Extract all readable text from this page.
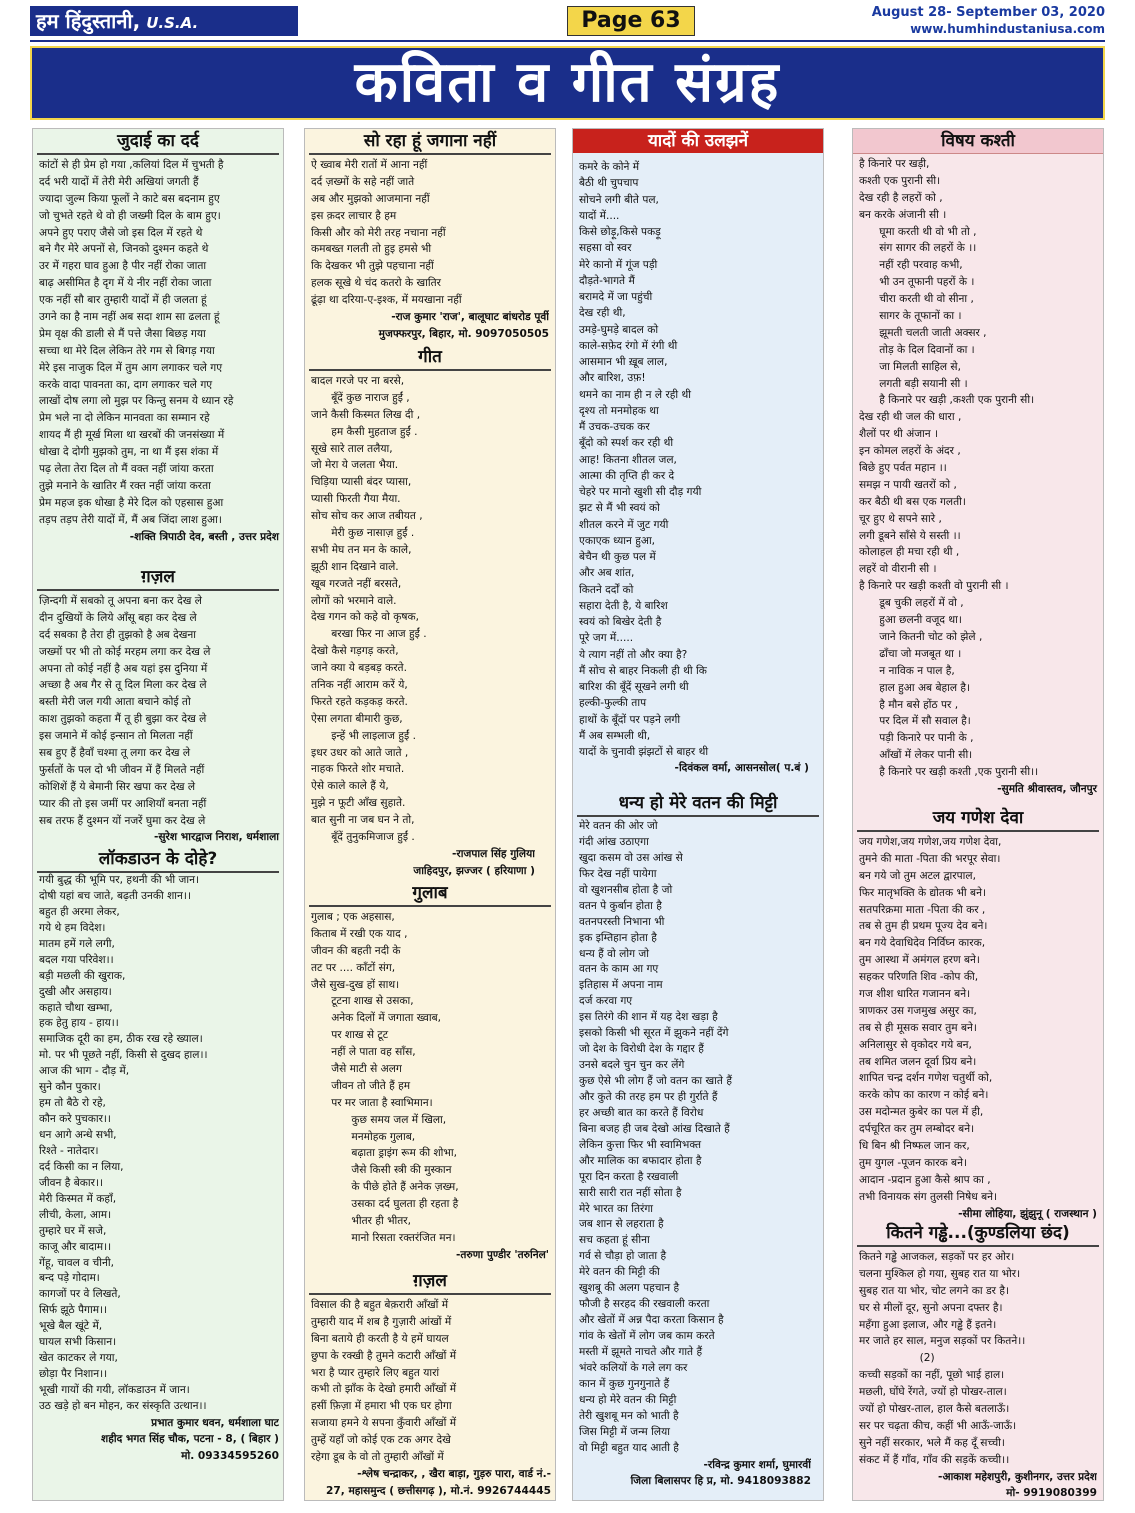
हम हिंदुस्तानी, U.S.A.	Page 63	August 28- September 03, 2020
www.humhindustaniusa.com
कविता व गीत संग्रह
जुदाई का दर्द
कांटों से ही प्रेम हो गया ,कलियां दिल में चुभती है
दर्द भरी यादों में तेरी मेरी अखियां जगती हैं
ज्यादा जुल्म किया फूलों ने काटे बस बदनाम हुए
जो चुभते रहते थे वो ही जख्मी दिल के बाम हुए।
अपने हुए पराए जैसे जो इस दिल में रहते थे
बने गैर मेरे अपनों से, जिनको दुश्मन कहते थे
उर में गहरा घाव हुआ है पीर नहीं रोका जाता
बाढ़ असीमित है दृग में ये नीर नहीं रोका जाता
एक नहीं सौ बार तुम्हारी यादों में ही जलता हूं
उगने का है नाम नहीं अब सदा शाम सा ढलता हूं
प्रेम वृक्ष की डाली से मैं पत्ते जैसा बिछड़ गया
सच्चा था मेरे दिल लेकिन तेरे गम से बिगड़ गया
मेरे इस नाजुक दिल में तुम आग लगाकर चले गए
करके वादा पावनता का, दाग लगाकर चले गए
लाखों दोष लगा लो मुझ पर किन्तु सनम ये ध्यान रहे
प्रेम भले ना दो लेकिन मानवता का सम्मान रहे
शायद मैं ही मूर्ख मिला था खरबों की जनसंख्या में
धोखा दे दोगी मुझको तुम, ना था मैं इस शंका में
पढ़ लेता तेरा दिल तो मैं वक्त नहीं जांया करता
तुझे मनाने के खातिर मैं रक्त नहीं जांया करता
प्रेम महज इक धोखा है मेरे दिल को एहसास हुआ
तड़प तड़प तेरी यादों में, मैं अब जिंदा लाश हुआ।
-शक्ति त्रिपाठी देव, बस्ती , उत्तर प्रदेश
ग़ज़ल
ज़िन्दगी में सबको तू अपना बना कर देख ले
दीन दुखियों के लिये आँसू बहा कर देख ले
दर्द सबका है तेरा ही तुझको है अब देखना
जख्मों पर भी तो कोई मरहम लगा कर देख ले
अपना तो कोई नहीं है अब यहां इस दुनिया में
अच्छा है अब गैर से तू दिल मिला कर देख ले
बस्ती मेरी जल गयी आता बचाने कोई तो
काश तुझको कहता मैं तू ही बुझा कर देख ले
इस जमाने में कोई इन्सान तो मिलता नहीं
सब हुए हैं हैवाँ चश्मा तू लगा कर देख ले
फुर्सतों के पल दो भी जीवन में हैं मिलते नहीं
कोशिशें हैं ये बेमानी सिर खपा कर देख ले
प्यार की तो इस जमीं पर आशियाँ बनता नहीं
सब तरफ हैं दुश्मन यों नजरें घुमा कर देख ले
-सुरेश भारद्वाज निराश, धर्मशाला
लॉकडाउन के दोहे?
गयी बुद्ध की भूमि पर, हथनी की भी जान।
दोषी यहां बच जाते, बढ़ती उनकी शान।।
बहुत ही अरमा लेकर,
गये थे हम विदेश।
मातम हमें गले लगी,
बदल गया परिवेश।।
बड़ी मछली की खुराक,
दुखी और असहाय।
कहाते चौथा खम्भा,
हक हेतु हाय - हाय।।
समाजिक दूरी का हम, ठीक रख रहे ख्याल।
मो. पर भी पूछते नहीं, किसी से दुखद हाल।।
आज की भाग - दौड़ में,
सुने कौन पुकार।
हम तो बैठे रो रहे,
कौन करे पुचकार।।
धन आगे अन्धे सभी,
रिश्ते - नातेदार।
दर्द किसी का न लिया,
जीवन है बेकार।।
मेरी किस्मत में कहाँ,
लीची, केला, आम।
तुम्हारे घर में सजे,
काजू और बादाम।।
गेंहू, चावल व चीनी,
बन्द पड़े गोदाम।
कागजों पर वे लिखते,
सिर्फ झूठे पैगाम।।
भूखे बैल खूंटे में,
घायल सभी किसान।
खेत काटकर ले गया,
छोड़ा पैर निशान।।
भूखी गायों की गयी, लॉकडाउन में जान।
उठ खड़े हो बन मोहन, कर संस्कृति उत्थान।।
प्रभात कुमार धवन, धर्मशाला घाट
शहीद भगत सिंह चौक, पटना - 8, ( बिहार )
मो. 09334595260
सो रहा हूं जगाना नहीं
ऐ ख्वाब मेरी रातों में आना नहीं
दर्द ज़ख्मों के सहे नहीं जाते
अब और मुझको आजमाना नहीं
इस क़दर लाचार है हम
किसी और को मेरी तरह नचाना नहीं
कमबख्त गलती तो हुइ हमसे भी
कि देखकर भी तुझे पहचाना नहीं
हलक सूखे थे चंद कतरो के खातिर
ढूंढ़ा था दरिया-ए-इश्क, में मयखाना नहीं
-राज कुमार 'राज', बालूघाट बांधरोड पूर्वी
मुजफ्फरपुर, बिहार, मो. 9097050505
गीत
बादल गरजे पर ना बरसे,
बूँदें कुछ नाराज हुईं ,
जाने कैसी किस्मत लिख दी ,
हम कैसी मुहताज हुईं .
सूखे सारे ताल तलैया,
जो मेरा ये जलता भैया.
चिड़िया प्यासी बंदर प्यासा,
प्यासी फिरती गैया मैया.
सोच सोच कर आज तबीयत ,
मेरी कुछ नासाज़ हुईं .
सभी मेघ तन मन के काले,
झूठी शान दिखाने वाले.
खूब गरजते नहीं बरसते,
लोगों को भरमाने वाले.
देख गगन को कहे वो कृषक,
बरखा फिर ना आज हुईं .
देखो कैसे गड़गड़ करते,
जाने क्या ये बड़बड़ करते.
तनिक नहीं आराम करें ये,
फिरते रहते कड़कड़ करते.
ऐसा लगता बीमारी कुछ,
इन्हें भी लाइलाज हुईं .
इधर उधर को आते जाते ,
नाहक फिरते शोर मचाते.
ऐसे काले काले हैं ये,
मुझे न फूटी आँख सुहाते.
बात सुनी ना जब घन ने तो,
बूँदें तुनुकमिजाज हुईं .
-राजपाल सिंह गुलिया
जाहिदपुर, झज्जर ( हरियाणा )
गुलाब
गुलाब ; एक अहसास,
किताब में रखी एक याद ,
जीवन की बहती नदी के
तट पर .... काँटों संग,
जैसे सुख-दुख हों साथ।
टूटना शाख से उसका,
अनेक दिलों में जगाता ख्वाब,
पर शाख से टूट
नहीं ले पाता वह साँस,
जैसे माटी से अलग
जीवन तो जीते हैं हम
पर मर जाता है स्वाभिमान।
कुछ समय जल में खिला,
मनमोहक गुलाब,
बढ़ाता ड्राइंग रूम की शोभा,
जैसे किसी स्त्री की मुस्कान
के पीछे होते हैं अनेक ज़ख्म,
उसका दर्द घुलता ही रहता है
भीतर ही भीतर,
मानो रिसता रक्तरंजित मन।
-तरुणा पुण्डीर 'तरुनिल'
ग़ज़ल
विसाल की है बहुत बेक़रारी आँखों में
तुम्हारी याद में शब है गुज़ारी आंखों में
बिना बताये ही करती है ये हमें घायल
छुपा के रक्खी है तुमने कटारी आँखों में
भरा है प्यार तुम्हारे लिए बहुत यारां
कभी तो झाँक के देखो हमारी आँखों में
हसीं फ़िज़ा में हमारा भी एक घर होगा
सजाया हमने ये सपना कुँवारी आँखों में
तुम्हें यहाँ जो कोई एक टक अगर देखे
रहेगा डूब के वो तो तुम्हारी आँखों में
-श्लेष चन्द्राकर, , खैरा बाड़ा, गुड़रु पारा, वार्ड नं.-
27, महासमुन्द ( छत्तीसगढ़ ), मो.नं. 9926744445
यादों की उलझनें
कमरे के कोने में
बैठी थी चुपचाप
सोचने लगी बीते पल,
यादों में....
किसे छोड़ू,किसे पकड़ू
सहसा वो स्वर
मेरे कानो में गूंज पड़ी
दौड़ते-भागते मैं
बरामदे में जा पहुंची
देख रही थी,
उमड़े-घुमड़े बादल को
काले-सफ़ेद रंगो में रंगी थी
आसमान भी ख़ूब लाल,
और बारिश, उफ़!
थमने का नाम ही न ले रही थी
दृश्य तो मनमोहक था
मैं उचक-उचक कर
बूँदो को स्पर्श कर रही थी
आह! कितना शीतल जल,
आत्मा की तृप्ति ही कर दे
चेहरे पर मानो खुशी सी दौड़ गयी
झट से मैं भी स्वयं को
शीतल करने में जुट गयी
एकाएक ध्यान हुआ,
बेचैन थी कुछ पल में
और अब शांत,
कितने दर्दों को
सहारा देती है, ये बारिश
स्वयं को बिखेर देती है
पूरे जग में.....
ये त्याग नहीं तो और क्या है?
मैं सोच से बाहर निकली ही थी कि
बारिश की बूँदें सूखने लगी थी
हल्की-फुल्की ताप
हाथों के बूँदों पर पड़ने लगी
मैं अब सम्भली थी,
यादों के चुनावी झंझटों से बाहर थी
-दिवंकल वर्मा, आसनसोल( प.बं )
धन्य हो मेरे वतन की मिट्टी
मेरे वतन की ओर जो
गंदी आंख उठाएगा
खुदा कसम वो उस आंख से
फिर देख नहीं पायेगा
वो खुशनसीब होता है जो
वतन पे कुर्बान होता है
वतनपरस्ती निभाना भी
इक इम्तिहान होता है
धन्य हैं वो लोग जो
वतन के काम आ गए
इतिहास में अपना नाम
दर्ज करवा गए
इस तिरंगे की शान में यह देश खड़ा है
इसको किसी भी सूरत में झुकने नहीं देंगे
जो देश के विरोधी देश के गद्दार हैं
उनसे बदले चुन चुन कर लेंगे
कुछ ऐसे भी लोग हैं जो वतन का खाते हैं
और कुते की तरह हम पर ही गुर्राते हैं
हर अच्छी बात का करते हैं विरोध
बिना बजह ही जब देखो आंख दिखाते हैं
लेकिन कुत्ता फिर भी स्वामिभक्त
और मालिक का बफादार होता है
पूरा दिन करता है रखवाली
सारी सारी रात नहीं सोता है
मेरे भारत का तिरंगा
जब शान से लहराता है
सच कहता हूं सीना
गर्व से चौड़ा हो जाता है
मेरे वतन की मिट्टी की
खुशबू की अलग पहचान है
फौजी है सरहद की रखवाली करता
और खेतों में अन्न पैदा करता किसान है
गांव के खेतों में लोग जब काम करते
मस्ती में झूमते नाचते और गाते हैं
भंवरे कलियों के गले लग कर
कान में कुछ गुनगुनाते हैं
धन्य हो मेरे वतन की मिट्टी
तेरी खुशबू मन को भाती है
जिस मिट्टी में जन्म लिया
वो मिट्टी बहुत याद आती है
-रविन्द्र कुमार शर्मा, घुमारवीं
जिला बिलासपर हि प्र, मो. 9418093882
विषय कश्ती
है किनारे पर खड़ी,
कश्ती एक पुरानी सी।
देख रही है लहरों को ,
बन करके अंजानी सी ।
घूमा करती थी वो भी तो ,
संग सागर की लहरों के ।।
नहीं रही परवाह कभी,
भी उन तूफानी पहरों के ।
चीरा करती थी वो सीना ,
सागर के तूफानों का ।
झूमती चलती जाती अक्सर ,
तोड़ के दिल दिवानों का ।
जा मिलती साहिल से,
लगती बड़ी सयानी सी ।
है किनारे पर खड़ी ,कश्ती एक पुरानी सी।
देख रही थी जल की धारा ,
शैलों पर थी अंजान ।
इन कोमल लहरों के अंदर ,
बिछे हुए पर्वत महान ।।
समझ न पायी खतरों को ,
कर बैठी थी बस एक गलती।
चूर हुए थे सपने सारे ,
लगी डूबने साँसे ये सस्ती ।।
कोलाहल ही मचा रही थी ,
लहरें वो वीरानी सी ।
है किनारे पर खड़ी कश्ती वो पुरानी सी ।
डूब चुकी लहरों में वो ,
हुआ छलनी वजूद था।
जाने कितनी चोट को झेले ,
ढाँचा जो मजबूत था ।
न नाविक न पाल है,
हाल हुआ अब बेहाल है।
है मौन बसे होंठ पर ,
पर दिल में सौ सवाल है।
पड़ी किनारे पर पानी के ,
आँखों में लेकर पानी सी।
है किनारे पर खड़ी कश्ती ,एक पुरानी सी।।
-सुमति श्रीवास्तव, जौनपुर
जय गणेश देवा
जय गणेश,जय गणेश,जय गणेश देवा,
तुमने की माता -पिता की भरपूर सेवा।
बन गये जो तुम अटल द्वारपाल,
फिर मातृभक्ति के द्योतक भी बने।
सतपरिक्रमा माता -पिता की कर ,
तब से तुम ही प्रथम पूज्य देव बने।
बन गये देवाधिदेव निर्विघ्न कारक,
तुम आस्था में अमंगल हरण बने।
सहकर परिणति शिव -कोप की,
गज शीश धारित गजानन बने।
त्राणकर उस गजमुख असुर का,
तब से ही मूसक सवार तुम बने।
अनिलासुर से वृकोदर गये बन,
तब शमित जलन दूर्वा प्रिय बने।
शापित चन्द्र दर्शन गणेश चतुर्थी को,
करके कोप का कारण न कोई बने।
उस मदोन्मत कुबेर का पल में ही,
दर्पचूरित कर तुम लम्बोदर बने।
धि बिन श्री निष्फल जान कर,
तुम युगल -पूजन कारक बने।
आदान -प्रदान हुआ कैसे श्राप का ,
तभी विनायक संग तुलसी निषेध बने।
-सीमा लोहिया, झुंझुनू ( राजस्थान )
कितने गड्ढे...(कुण्डलिया छंद)
कितने गड्ढे आजकल, सड़कों पर हर ओर।
चलना मुश्किल हो गया, सुबह रात या भोर।
सुबह रात या भोर, चोट लगने का डर है।
घर से मीलों दूर, सुनो अपना दफ्तर है।
महँगा हुआ इलाज, और गड्ढे हैं इतने।
मर जाते हर साल, मनुज सड़कों पर कितने।।
(2)
कच्ची सड़कों का नहीं, पूछो भाई हाल।
मछली, घोंघे रेंगते, ज्यों हो पोखर-ताल।
ज्यों हो पोखर-ताल, हाल कैसे बतलाऊँ।
सर पर चढ़ता कीच, कहीं भी आऊँ-जाऊँ।
सुने नहीं सरकार, भले मैं कह दूँ सच्ची।
संकट में हैं गाँव, गाँव की सड़कें कच्ची।।
-आकाश महेशपुरी, कुशीनगर, उत्तर प्रदेश
मो- 9919080399
